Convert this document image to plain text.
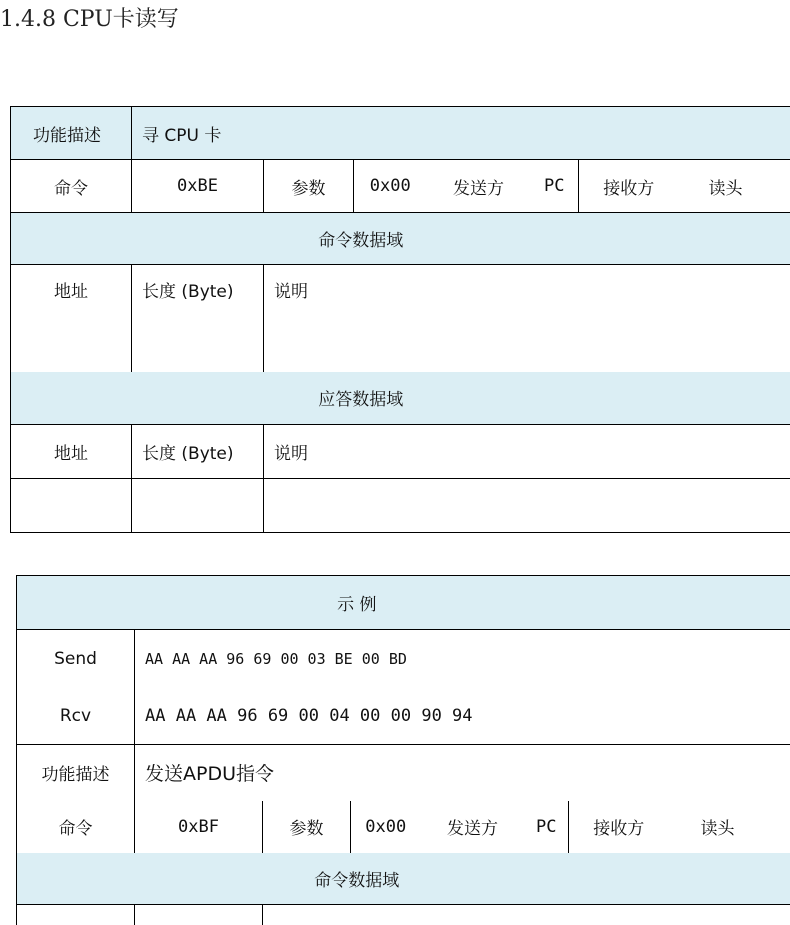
1.4.8 CPU卡读写
功能描述	寻 CPU 卡						
命令	0xBE	参数	0x00	发送方	PC	接收方	读头
命令数据域							
地址	长度 (Byte)	说明					
应答数据域							
地址	长度 (Byte)	说明					

示 例							
Send	AA AA AA 96 69 00 03 BE 00 BD						
Rcv	AA AA AA 96 69 00 04 00 00 90 94						
功能描述	发送APDU指令						
命令	0xBF	参数	0x00	发送方	PC	接收方	读头
命令数据域							
